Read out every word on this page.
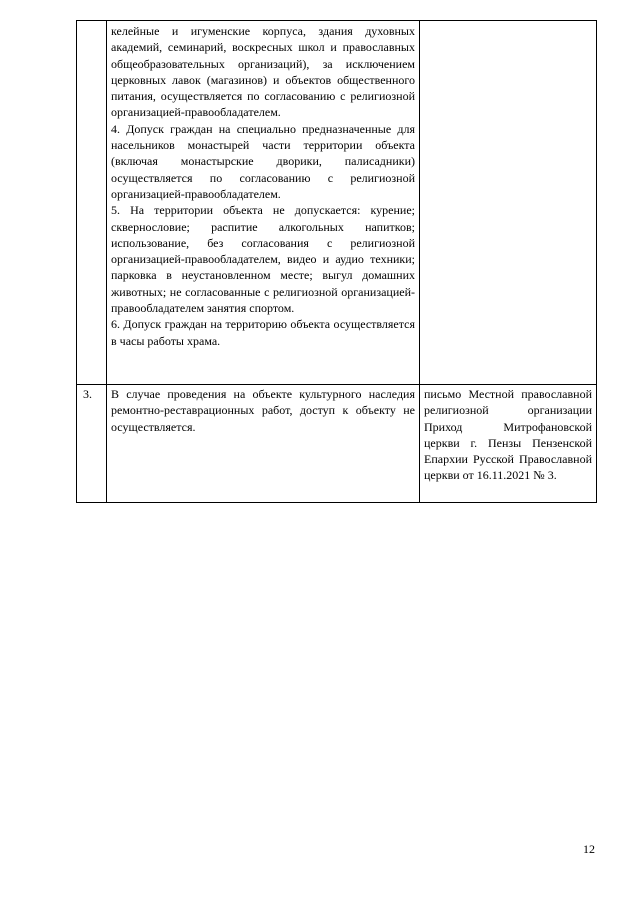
	келейные и игуменские корпуса, здания духовных академий, семинарий, воскресных школ и православных общеобразовательных организаций), за исключением церковных лавок (магазинов) и объектов общественного питания, осуществляется по согласованию с религиозной организацией-правообладателем.

4. Допуск граждан на специально предназначенные для насельников монастырей части территории объекта (включая монастырские дворики, палисадники) осуществляется по согласованию с религиозной организацией-правообладателем.

5. На территории объекта не допускается: курение; сквернословие; распитие алкогольных напитков; использование, без согласования с религиозной организацией-правообладателем, видео и аудио техники; парковка в неустановленном месте; выгул домашних животных; не согласованные с религиозной организацией-правообладателем занятия спортом.

6. Допуск граждан на территорию объекта осуществляется в часы работы храма.	

3.	В случае проведения на объекте культурного наследия ремонтно-реставрационных работ, доступ к объекту не осуществляется.	письмо Местной православной религиозной организации Приход Митрофановской церкви г. Пензы Пензенской Епархии Русской Православной церкви от 16.11.2021 № 3.

12
